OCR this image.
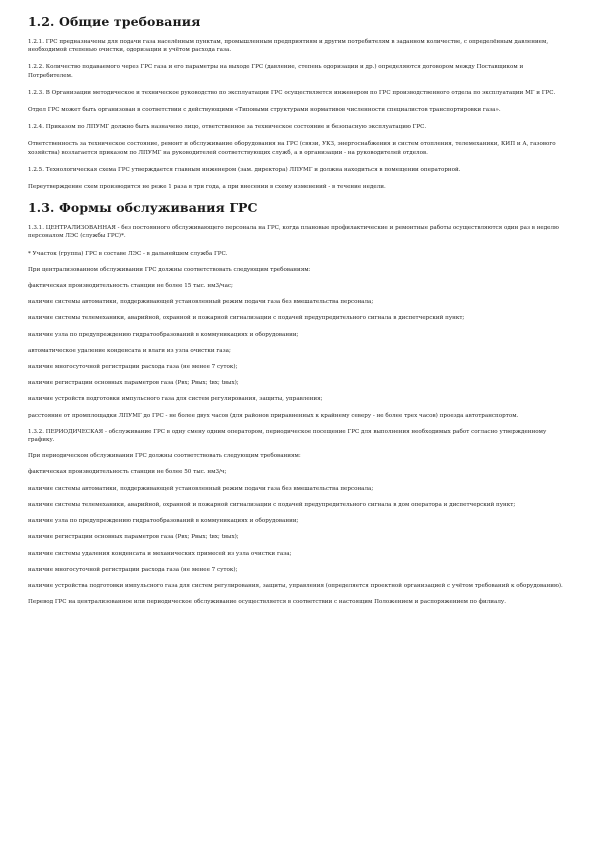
1.2. Общие требования

1.2.1. ГРС предназначены для подачи газа населённым пунктам, промышленным предприятиям и другим потребителям в заданном количестве, с определённым давлением, необходимой степенью очистки, одоризации и учётом расхода газа.

1.2.2. Количество подаваемого через ГРС газа и его параметры на выходе ГРС (давление, степень одоризации и др.) определяются договором между Поставщиком и Потребителем.

1.2.3. В Организации методическое и техническое руководство по эксплуатации ГРС осуществляется инженером по ГРС производственного отдела по эксплуатации МГ и ГРС.

Отдел ГРС может быть организован в соответствии с действующими «Типовыми структурами нормативов численности специалистов транспортировки газа».

1.2.4. Приказом по ЛПУМГ должно быть назначено лицо, ответственное за техническое состояние и безопасную эксплуатацию ГРС.

Ответственность за техническое состояние, ремонт и обслуживание оборудования на ГРС (связи, УКЗ, энергоснабжения и систем отопления, телемеханики, КИП и А, газового хозяйства) возлагается приказом по ЛПУМГ на руководителей соответствующих служб, а в организации - на руководителей отделов.

1.2.5. Технологическая схема ГРС утверждается главным инженером (зам. директора) ЛПУМГ и должна находиться в помещении операторной.

Переутверждение схем производится не реже 1 раза в три года, а при внесении в схему изменений - в течение недели.

1.3. Формы обслуживания ГРС

1.3.1. ЦЕНТРАЛИЗОВАННАЯ - без постоянного обслуживающего персонала на ГРС, когда плановые профилактические и ремонтные работы осуществляются один раз в неделю персоналом ЛЭС (службы ГРС)*.

* Участок (группа) ГРС в составе ЛЭС - в дальнейшем служба ГРС.

При централизованном обслуживании ГРС должны соответствовать следующим требованиям:

фактическая производительность станции не более 15 тыс. нм3/час;

наличие системы автоматики, поддерживающей установленный режим подачи газа без вмешательства персонала;

наличие системы телемеханики, аварийной, охранной и пожарной сигнализации с подачей предупредительного сигнала в диспетчерский пункт;

наличие узла по предупреждению гидратообразований в коммуникациях и оборудовании;

автоматическое удаление конденсата и влаги из узла очистки газа;

наличие многосуточной регистрации расхода газа (не менее 7 суток);

наличие регистрации основных параметров газа (Рвх; Рвых; tвх; tвых);

наличие устройств подготовки импульсного газа для систем регулирования, защиты, управления;

расстояние от промплощадки ЛПУМГ до ГРС - не более двух часов (для районов приравненных к крайнему северу - не более трех часов) проезда автотранспортом.

1.3.2. ПЕРИОДИЧЕСКАЯ - обслуживание ГРС в одну смену одним оператором, периодическое посещение ГРС для выполнения необходимых работ согласно утвержденному графику.

При периодическом обслуживании ГРС должны соответствовать следующим требованиям:

фактическая производительность станции не более 50 тыс. нм3/ч;

наличие системы автоматики, поддерживающей установленный режим подачи газа без вмешательства персонала;

наличие системы телемеханики, аварийной, охранной и пожарной сигнализации с подачей предупредительного сигнала в дом оператора и диспетчерский пункт;

наличие узла по предупреждению гидратообразований в коммуникациях и оборудовании;

наличие регистрации основных параметров газа (Рвх; Рвых; tвх; tвых);

наличие системы удаления конденсата и механических примесей из узла очистки газа;

наличие многосуточной регистрации расхода газа (не менее 7 суток);

наличие устройства подготовки импульсного газа для систем регулирования, защиты, управления (определяется проектной организацией с учётом требований к оборудованию).

Перевод ГРС на централизованное или периодическое обслуживание осуществляется в соответствии с настоящим Положением и распоряжением по филиалу.
